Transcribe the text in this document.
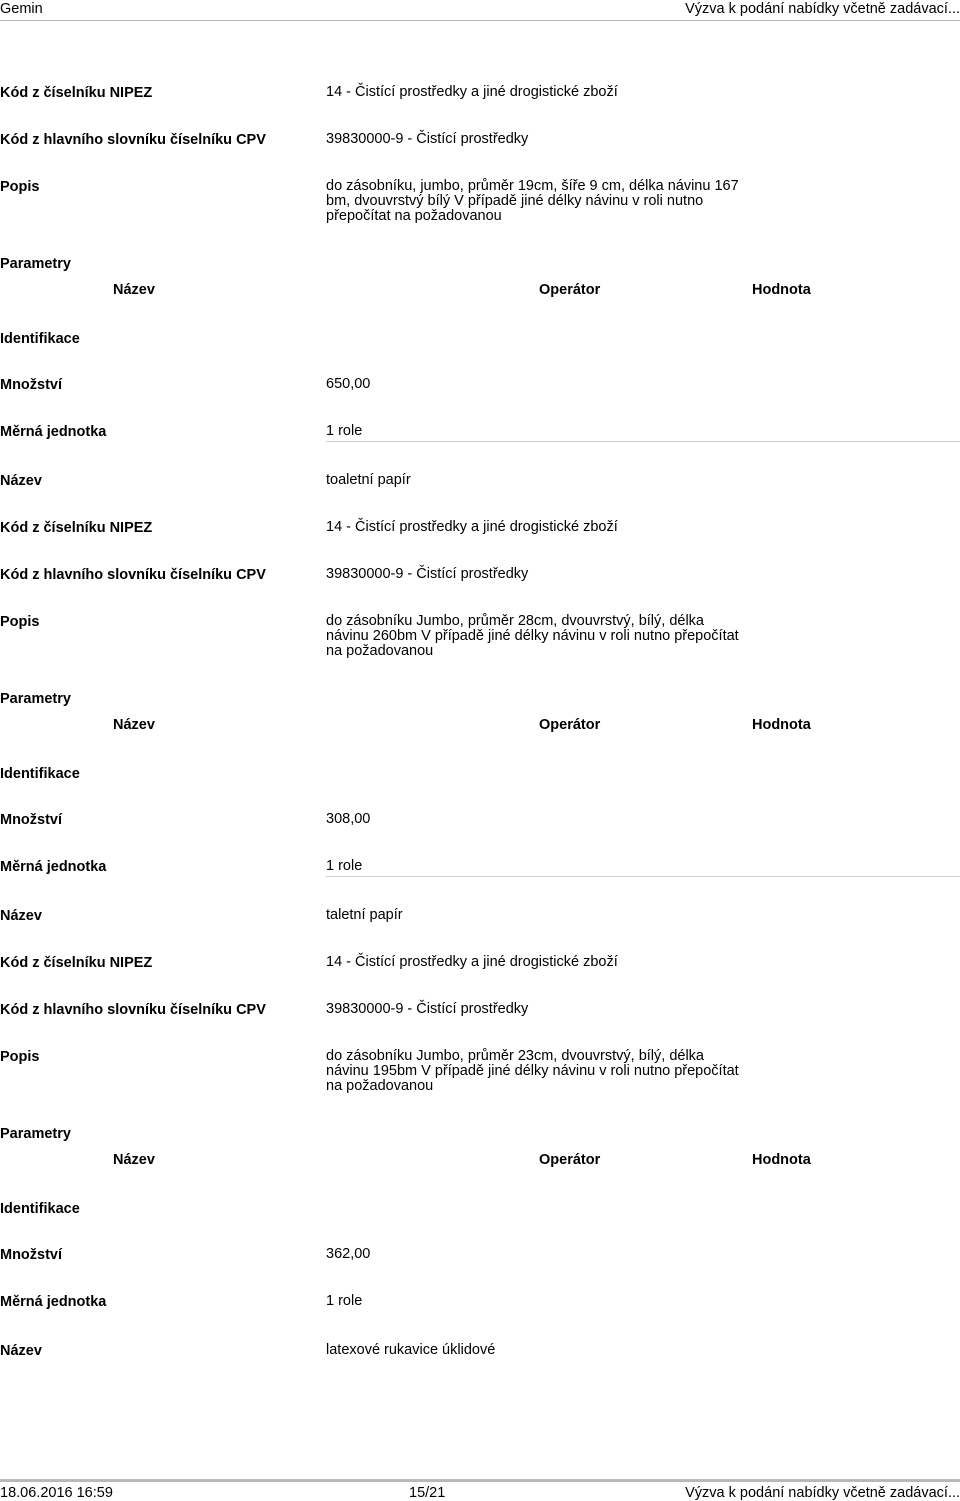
Gemin	Výzva k podání nabídky včetně zadávací...
Kód z číselníku NIPEZ	14 - Čistící prostředky a jiné drogistické zboží
Kód z hlavního slovníku číselníku CPV	39830000-9 - Čistící prostředky
Popis	do zásobníku, jumbo, průměr 19cm, šíře 9 cm, délka návinu 167 bm, dvouvrstvý bílý V případě jiné délky návinu v roli nutno přepočítat na požadovanou
Parametry
Název	Operátor	Hodnota
Identifikace
Množství	650,00
Měrná jednotka	1 role
Název	toaletní papír
Kód z číselníku NIPEZ	14 - Čistící prostředky a jiné drogistické zboží
Kód z hlavního slovníku číselníku CPV	39830000-9 - Čistící prostředky
Popis	do zásobníku Jumbo, průměr 28cm, dvouvrstvý, bílý, délka návinu 260bm V případě jiné délky návinu v roli nutno přepočítat na požadovanou
Parametry
Název	Operátor	Hodnota
Identifikace
Množství	308,00
Měrná jednotka	1 role
Název	taletní papír
Kód z číselníku NIPEZ	14 - Čistící prostředky a jiné drogistické zboží
Kód z hlavního slovníku číselníku CPV	39830000-9 - Čistící prostředky
Popis	do zásobníku Jumbo, průměr 23cm, dvouvrstvý, bílý, délka návinu 195bm V případě jiné délky návinu v roli nutno přepočítat na požadovanou
Parametry
Název	Operátor	Hodnota
Identifikace
Množství	362,00
Měrná jednotka	1 role
Název	latexové rukavice úklidové
18.06.2016 16:59	15/21	Výzva k podání nabídky včetně zadávací...
